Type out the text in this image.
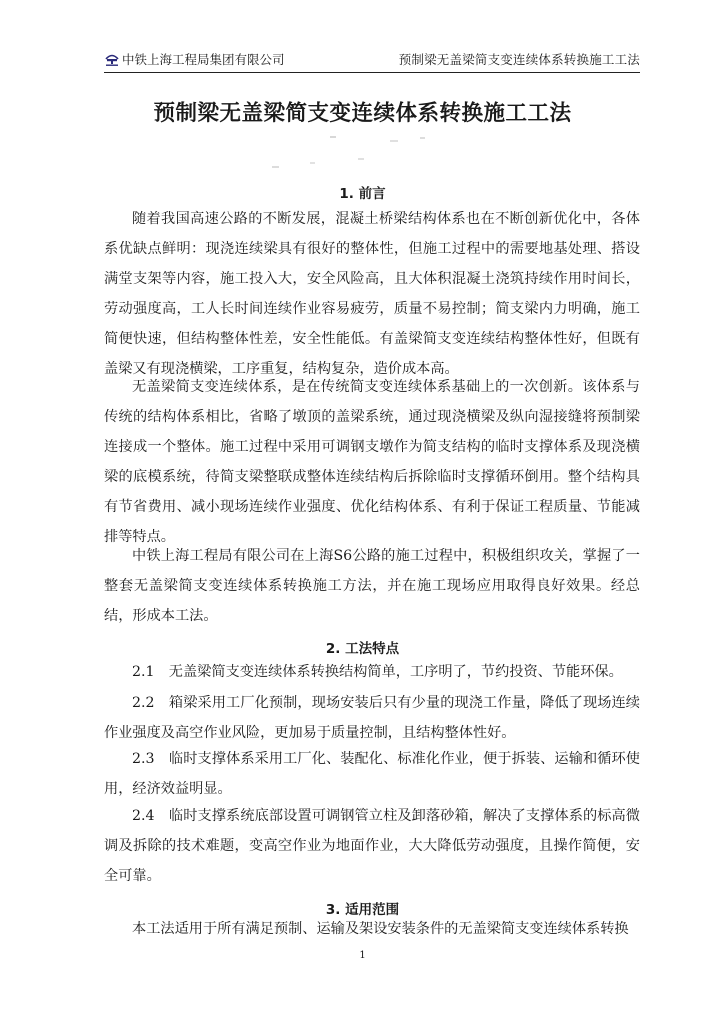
中铁上海工程局集团有限公司	预制梁无盖梁简支变连续体系转换施工工法
预制梁无盖梁简支变连续体系转换施工工法
1. 前言

随着我国高速公路的不断发展，混凝土桥梁结构体系也在不断创新优化中，各体系优缺点鲜明：现浇连续梁具有很好的整体性，但施工过程中的需要地基处理、搭设满堂支架等内容，施工投入大，安全风险高，且大体积混凝土浇筑持续作用时间长，劳动强度高，工人长时间连续作业容易疲劳，质量不易控制；简支梁内力明确，施工简便快速，但结构整体性差，安全性能低。有盖梁简支变连续结构整体性好，但既有盖梁又有现浇横梁，工序重复，结构复杂，造价成本高。

无盖梁简支变连续体系，是在传统简支变连续体系基础上的一次创新。该体系与传统的结构体系相比，省略了墩顶的盖梁系统，通过现浇横梁及纵向湿接缝将预制梁连接成一个整体。施工过程中采用可调钢支墩作为简支结构的临时支撑体系及现浇横梁的底模系统，待简支梁整联成整体连续结构后拆除临时支撑循环倒用。整个结构具有节省费用、减小现场连续作业强度、优化结构体系、有利于保证工程质量、节能减排等特点。

中铁上海工程局有限公司在上海S6公路的施工过程中，积极组织攻关，掌握了一整套无盖梁简支变连续体系转换施工方法，并在施工现场应用取得良好效果。经总结，形成本工法。

2. 工法特点

2.1　无盖梁简支变连续体系转换结构简单，工序明了，节约投资、节能环保。

2.2　箱梁采用工厂化预制，现场安装后只有少量的现浇工作量，降低了现场连续作业强度及高空作业风险，更加易于质量控制，且结构整体性好。

2.3　临时支撑体系采用工厂化、装配化、标准化作业，便于拆装、运输和循环使用，经济效益明显。

2.4　临时支撑系统底部设置可调钢管立柱及卸落砂箱，解决了支撑体系的标高微调及拆除的技术难题，变高空作业为地面作业，大大降低劳动强度，且操作简便，安全可靠。

3. 适用范围

本工法适用于所有满足预制、运输及架设安装条件的无盖梁简支变连续体系转换

1
